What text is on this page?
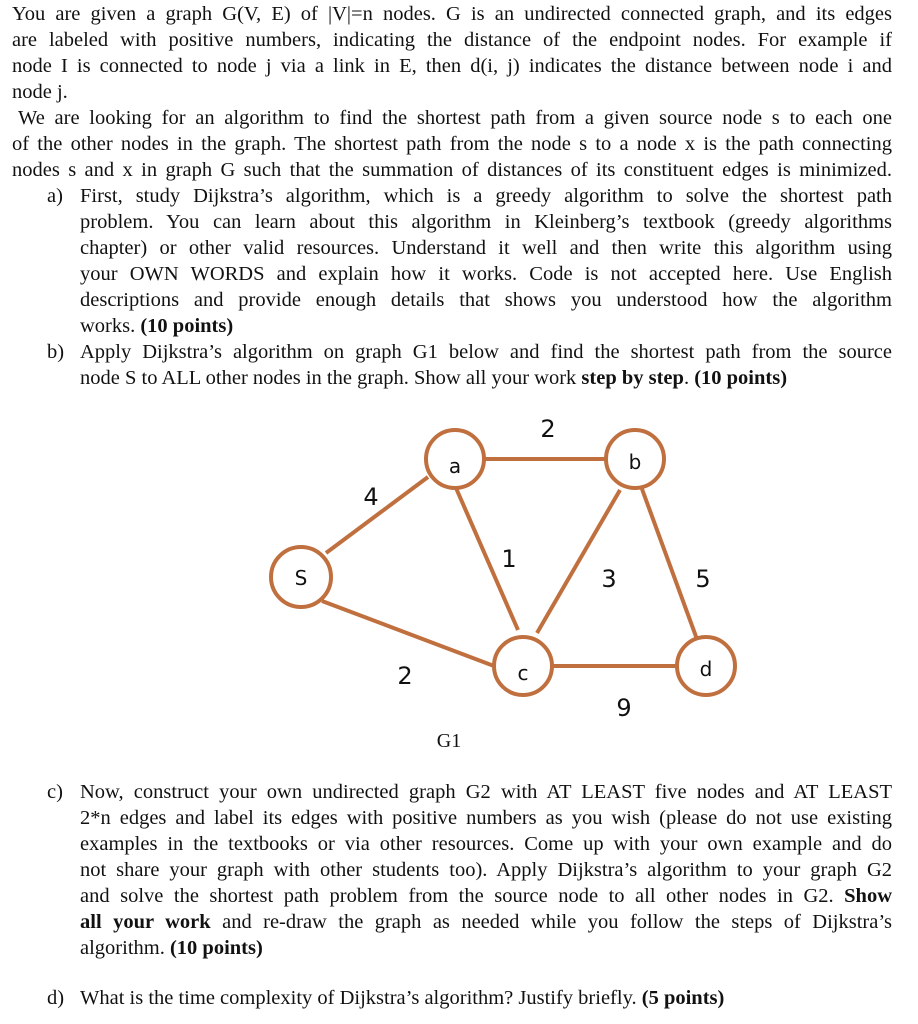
You are given a graph G(V, E) of |V|=n nodes. G is an undirected connected graph, and its edges
are labeled with positive numbers, indicating the distance of the endpoint nodes. For example if
node I is connected to node j via a link in E, then d(i, j) indicates the distance between node i and
node j.
We are looking for an algorithm to find the shortest path from a given source node s to each one
of the other nodes in the graph. The shortest path from the node s to a node x is the path connecting
nodes s and x in graph G such that the summation of distances of its constituent edges is minimized.
a) First, study Dijkstra’s algorithm, which is a greedy algorithm to solve the shortest path
problem. You can learn about this algorithm in Kleinberg’s textbook (greedy algorithms
chapter) or other valid resources. Understand it well and then write this algorithm using
your OWN WORDS and explain how it works. Code is not accepted here. Use English
descriptions and provide enough details that shows you understood how the algorithm
works. (10 points)
b) Apply Dijkstra’s algorithm on graph G1 below and find the shortest path from the source
node S to ALL other nodes in the graph. Show all your work step by step. (10 points)
S
a	b
c	d
4
2
1
3	5
2
9
G1
c) Now, construct your own undirected graph G2 with AT LEAST five nodes and AT LEAST
2*n edges and label its edges with positive numbers as you wish (please do not use existing
examples in the textbooks or via other resources. Come up with your own example and do
not share your graph with other students too). Apply Dijkstra’s algorithm to your graph G2
and solve the shortest path problem from the source node to all other nodes in G2. Show
all your work and re-draw the graph as needed while you follow the steps of Dijkstra’s
algorithm. (10 points)
d) What is the time complexity of Dijkstra’s algorithm? Justify briefly. (5 points)
